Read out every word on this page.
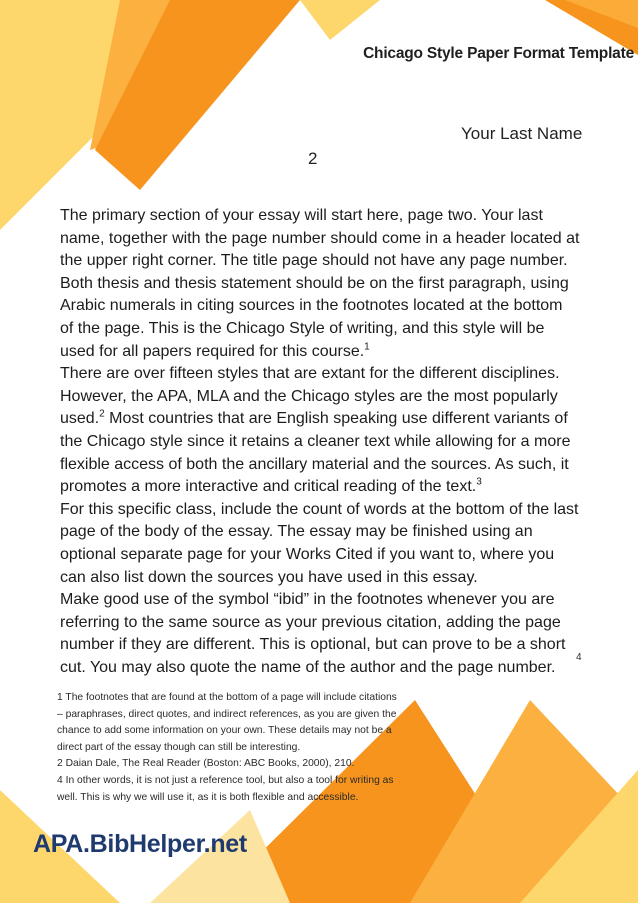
Chicago Style Paper Format Template
Your Last Name
2

The primary section of your essay will start here, page two. Your last name, together with the page number should come in a header located at the upper right corner. The title page should not have any page number. Both thesis and thesis statement should be on the first paragraph, using Arabic numerals in citing sources in the footnotes located at the bottom of the page. This is the Chicago Style of writing, and this style will be used for all papers required for this course.$^1$

There are over fifteen styles that are extant for the different disciplines. However, the APA, MLA and the Chicago styles are the most popularly used.$^2$ Most countries that are English speaking use different variants of the Chicago style since it retains a cleaner text while allowing for a more flexible access of both the ancillary material and the sources. As such, it promotes a more interactive and critical reading of the text.$^3$

For this specific class, include the count of words at the bottom of the last page of the body of the essay. The essay may be finished using an optional separate page for your Works Cited if you want to, where you can also list down the sources you have used in this essay.

Make good use of the symbol “ibid” in the footnotes whenever you are referring to the same source as your previous citation, adding the page number if they are different. This is optional, but can prove to be a short cut. You may also quote the name of the author and the page number.

4

1 The footnotes that are found at the bottom of a page will include citations – paraphrases, direct quotes, and indirect references, as you are given the chance to add some information on your own. These details may not be a direct part of the essay though can still be interesting.

2 Daian Dale, The Real Reader (Boston: ABC Books, 2000), 210.

4 In other words, it is not just a reference tool, but also a tool for writing as well. This is why we will use it, as it is both flexible and accessible.

APA.BibHelper.net
